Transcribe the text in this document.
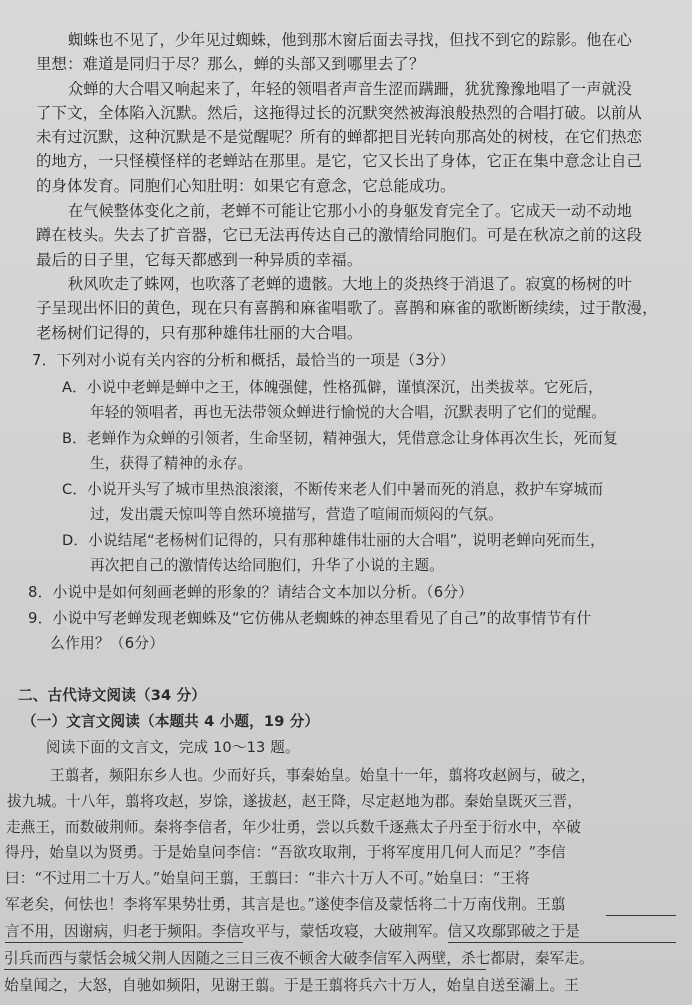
蜘蛛也不见了，少年见过蜘蛛，他到那木窗后面去寻找，但找不到它的踪影。他在心
里想：难道是同归于尽？那么，蝉的头部又到哪里去了？
众蝉的大合唱又响起来了，年轻的领唱者声音生涩而蹒跚，犹犹豫豫地唱了一声就没
了下文，全体陷入沉默。然后，这拖得过长的沉默突然被海浪般热烈的合唱打破。以前从
未有过沉默，这种沉默是不是觉醒呢？所有的蝉都把目光转向那高处的树枝，在它们热恋
的地方，一只怪模怪样的老蝉站在那里。是它，它又长出了身体，它正在集中意念让自己
的身体发育。同胞们心知肚明：如果它有意念，它总能成功。
在气候整体变化之前，老蝉不可能让它那小小的身躯发育完全了。它成天一动不动地
蹲在枝头。失去了扩音器，它已无法再传达自己的激情给同胞们。可是在秋凉之前的这段
最后的日子里，它每天都感到一种异质的幸福。
秋风吹走了蛛网，也吹落了老蝉的遗骸。大地上的炎热终于消退了。寂寞的杨树的叶
子呈现出怀旧的黄色，现在只有喜鹊和麻雀唱歌了。喜鹊和麻雀的歌断断续续，过于散漫，
老杨树们记得的，只有那种雄伟壮丽的大合唱。
7．下列对小说有关内容的分析和概括，最恰当的一项是（3分）
A．小说中老蝉是蝉中之王，体魄强健，性格孤僻，谨慎深沉，出类拔萃。它死后，
年轻的领唱者，再也无法带领众蝉进行愉悦的大合唱，沉默表明了它们的觉醒。
B．老蝉作为众蝉的引领者，生命坚韧，精神强大，凭借意念让身体再次生长，死而复
生，获得了精神的永存。
C．小说开头写了城市里热浪滚滚，不断传来老人们中暑而死的消息，救护车穿城而
过，发出震天惊叫等自然环境描写，营造了喧闹而烦闷的气氛。
D．小说结尾“老杨树们记得的，只有那种雄伟壮丽的大合唱”，说明老蝉向死而生，
再次把自己的激情传达给同胞们，升华了小说的主题。
8．小说中是如何刻画老蝉的形象的？请结合文本加以分析。（6分）
9．小说中写老蝉发现老蜘蛛及“它仿佛从老蜘蛛的神态里看见了自己”的故事情节有什
么作用？（6分）
二、古代诗文阅读（34 分）
（一）文言文阅读（本题共 4 小题，19 分）
阅读下面的文言文，完成 10～13 题。
王翦者，频阳东乡人也。少而好兵，事秦始皇。始皇十一年，翦将攻赵阏与，破之，
拔九城。十八年，翦将攻赵，岁馀，遂拔赵，赵王降，尽定赵地为郡。秦始皇既灭三晋，
走燕王，而数破荆师。秦将李信者，年少壮勇，尝以兵数千逐燕太子丹至于衍水中，卒破
得丹，始皇以为贤勇。于是始皇问李信：“吾欲攻取荆，于将军度用几何人而足？”李信
曰：“不过用二十万人。”始皇问王翦，王翦曰：“非六十万人不可。”始皇曰：“王将
军老矣，何怯也！李将军果势壮勇，其言是也。”遂使李信及蒙恬将二十万南伐荆。王翦
言不用，因谢病，归老于频阳。李信攻平与，蒙恬攻寝，大破荆军。信又攻鄢郢破之于是
引兵而西与蒙恬会城父荆人因随之三日三夜不顿舍大破李信军入两壁，杀七都尉，秦军走。
始皇闻之，大怒，自驰如频阳，见谢王翦。于是王翦将兵六十万人，始皇自送至灞上。王
